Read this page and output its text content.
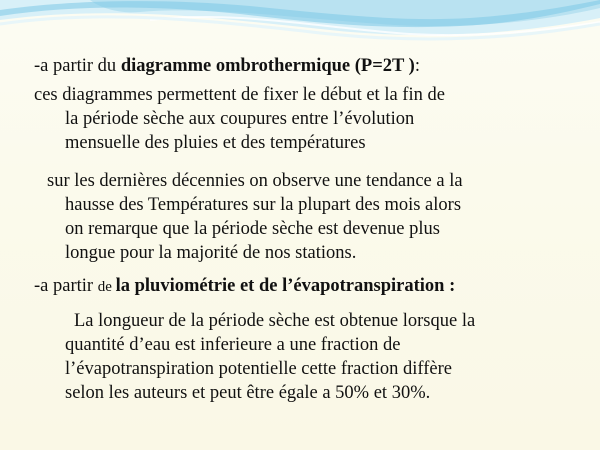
-a partir du diagramme ombrothermique (P=2T ):
ces diagrammes permettent de fixer le début et la fin de
la période sèche aux coupures entre l’évolution
mensuelle des pluies et des températures
sur les dernières décennies on observe une tendance a la
hausse des Températures sur la plupart des mois alors
on remarque que la période sèche est devenue plus
longue pour la majorité de nos stations.
-a partir de la pluviométrie et de l’évapotranspiration :
La longueur de la période sèche est obtenue lorsque la
quantité d’eau est inferieure a une fraction de
l’évapotranspiration potentielle cette fraction diffère
selon les auteurs et peut être égale a 50% et 30%.
